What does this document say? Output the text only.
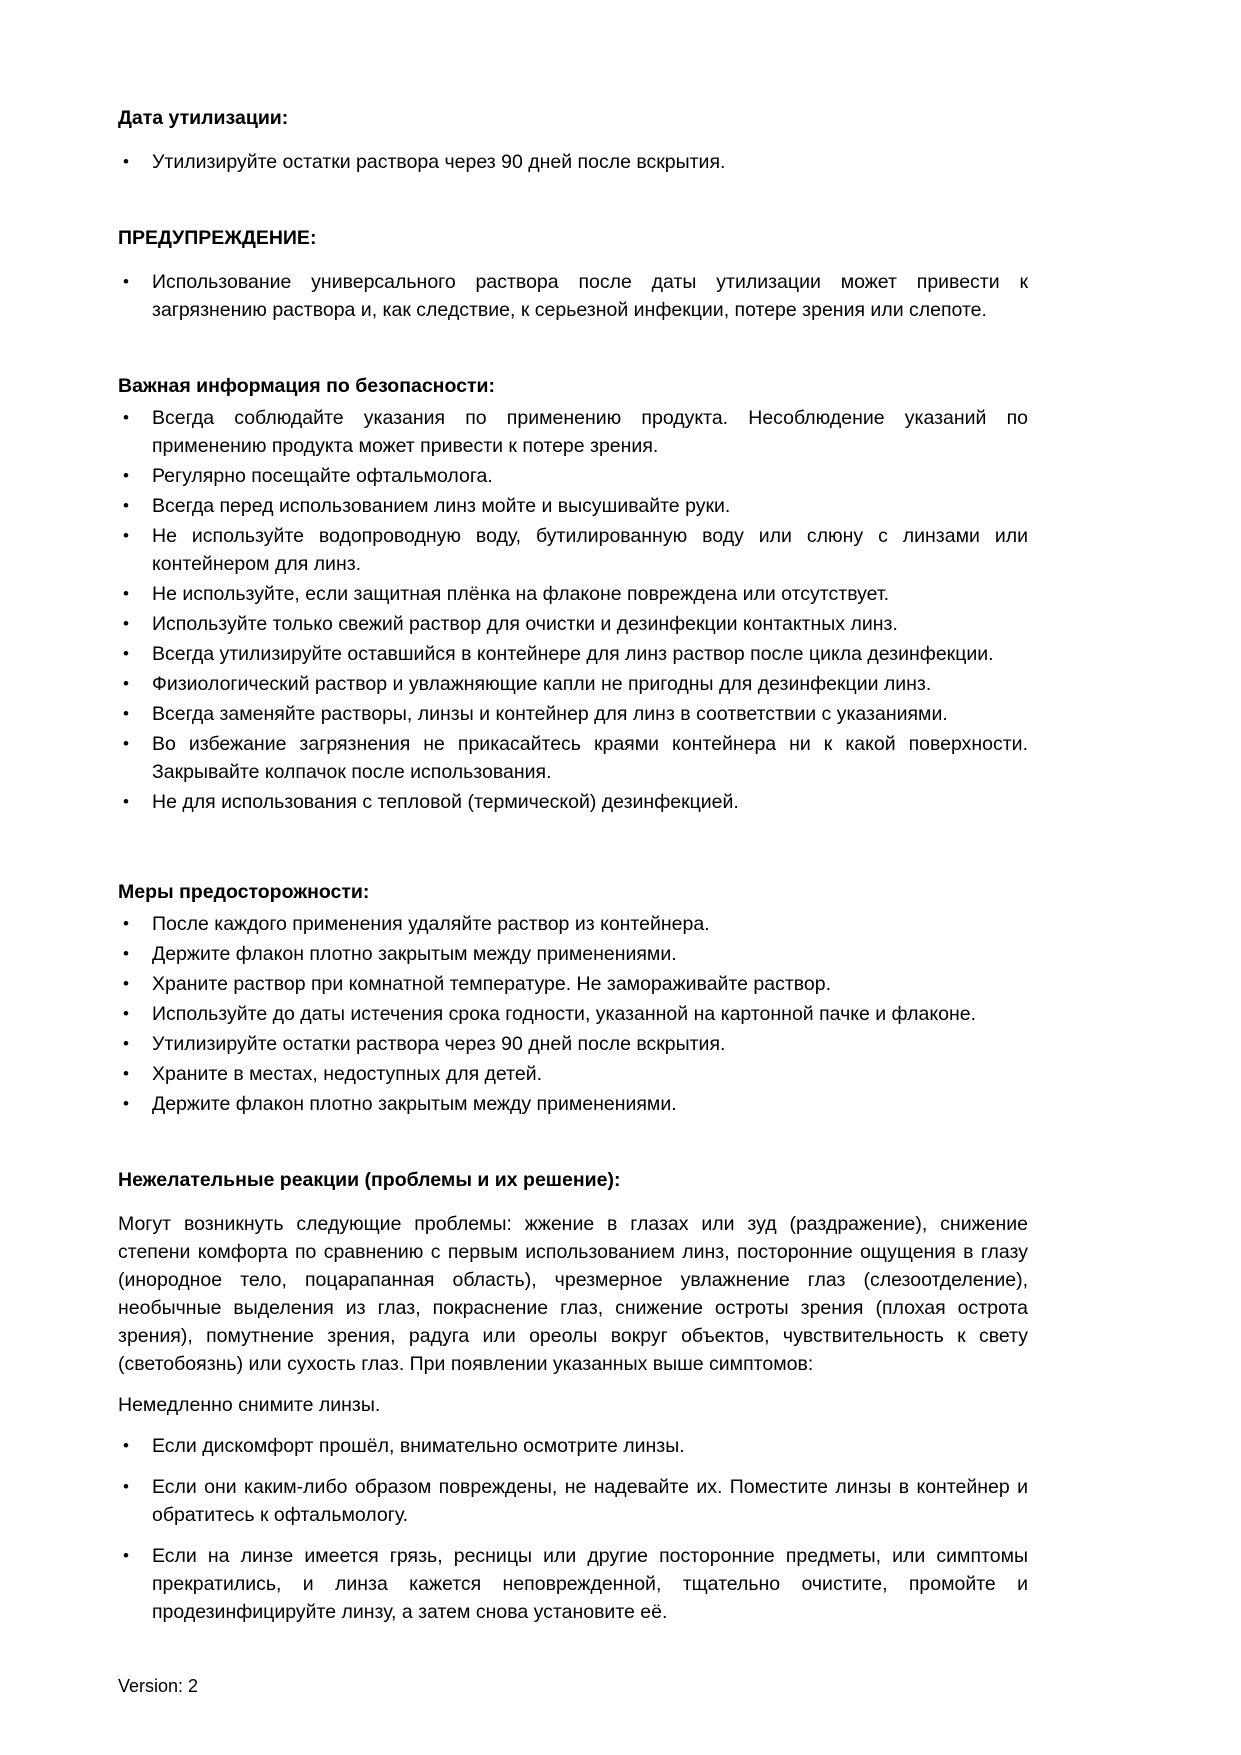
Дата утилизации:
•	Утилизируйте остатки раствора через 90 дней после вскрытия.
ПРЕДУПРЕЖДЕНИЕ:
•	Использование универсального раствора после даты утилизации может привести к загрязнению раствора и, как следствие, к серьезной инфекции, потере зрения или слепоте.
Важная информация по безопасности:
•	Всегда соблюдайте указания по применению продукта. Несоблюдение указаний по применению продукта может привести к потере зрения.
•	Регулярно посещайте офтальмолога.
•	Всегда перед использованием линз мойте и высушивайте руки.
•	Не используйте водопроводную воду, бутилированную воду или слюну с линзами или контейнером для линз.
•	Не используйте, если защитная плёнка на флаконе повреждена или отсутствует.
•	Используйте только свежий раствор для очистки и дезинфекции контактных линз.
•	Всегда утилизируйте оставшийся в контейнере для линз раствор после цикла дезинфекции.
•	Физиологический раствор и увлажняющие капли не пригодны для дезинфекции линз.
•	Всегда заменяйте растворы, линзы и контейнер для линз в соответствии с указаниями.
•	Во избежание загрязнения не прикасайтесь краями контейнера ни к какой поверхности. Закрывайте колпачок после использования.
•	Не для использования с тепловой (термической) дезинфекцией.
Меры предосторожности:
•	После каждого применения удаляйте раствор из контейнера.
•	Держите флакон плотно закрытым между применениями.
•	Храните раствор при комнатной температуре. Не замораживайте раствор.
•	Используйте до даты истечения срока годности, указанной на картонной пачке и флаконе.
•	Утилизируйте остатки раствора через 90 дней после вскрытия.
•	Храните в местах, недоступных для детей.
•	Держите флакон плотно закрытым между применениями.
Нежелательные реакции (проблемы и их решение):

Могут возникнуть следующие проблемы: жжение в глазах или зуд (раздражение), снижение степени комфорта по сравнению с первым использованием линз, посторонние ощущения в глазу (инородное тело, поцарапанная область), чрезмерное увлажнение глаз (слезоотделение), необычные выделения из глаз, покраснение глаз, снижение остроты зрения (плохая острота зрения), помутнение зрения, радуга или ореолы вокруг объектов, чувствительность к свету (светобоязнь) или сухость глаз. При появлении указанных выше симптомов:

Немедленно снимите линзы.

•	Если дискомфорт прошёл, внимательно осмотрите линзы.
•	Если они каким-либо образом повреждены, не надевайте их. Поместите линзы в контейнер и обратитесь к офтальмологу.
•	Если на линзе имеется грязь, ресницы или другие посторонние предметы, или симптомы прекратились, и линза кажется неповрежденной, тщательно очистите, промойте и продезинфицируйте линзу, а затем снова установите её.
Version: 2
